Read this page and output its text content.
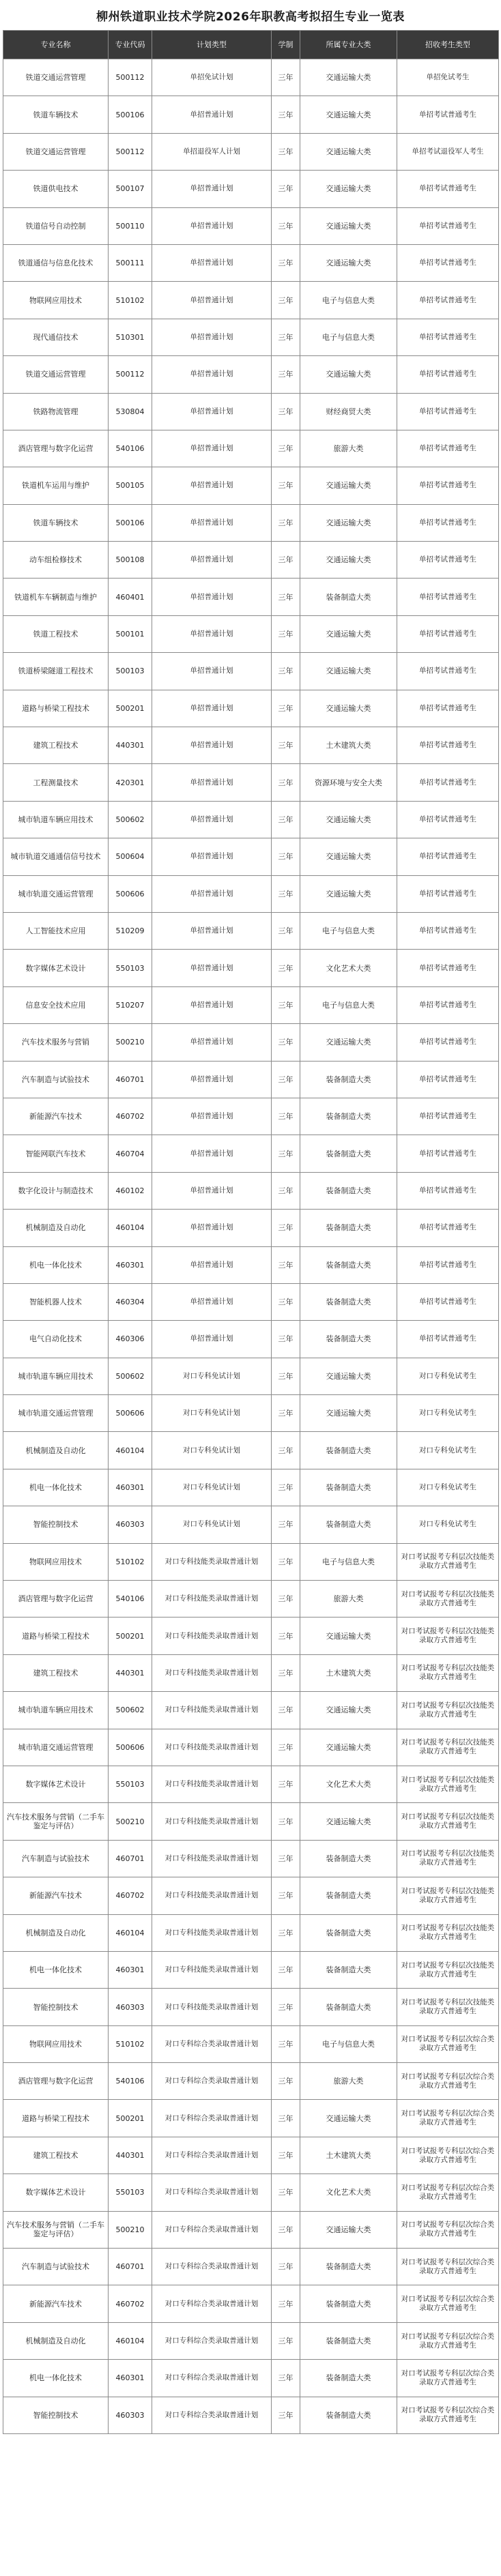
柳州铁道职业技术学院2026年职教高考拟招生专业一览表
专业名称	专业代码	计划类型	学制	所属专业大类	招收考生类型
铁道交通运营管理	500112	单招免试计划	三年	交通运输大类	单招免试考生
铁道车辆技术	500106	单招普通计划	三年	交通运输大类	单招考试普通考生
铁道交通运营管理	500112	单招退役军人计划	三年	交通运输大类	单招考试退役军人考生
铁道供电技术	500107	单招普通计划	三年	交通运输大类	单招考试普通考生
铁道信号自动控制	500110	单招普通计划	三年	交通运输大类	单招考试普通考生
铁道通信与信息化技术	500111	单招普通计划	三年	交通运输大类	单招考试普通考生
物联网应用技术	510102	单招普通计划	三年	电子与信息大类	单招考试普通考生
现代通信技术	510301	单招普通计划	三年	电子与信息大类	单招考试普通考生
铁道交通运营管理	500112	单招普通计划	三年	交通运输大类	单招考试普通考生
铁路物流管理	530804	单招普通计划	三年	财经商贸大类	单招考试普通考生
酒店管理与数字化运营	540106	单招普通计划	三年	旅游大类	单招考试普通考生
铁道机车运用与维护	500105	单招普通计划	三年	交通运输大类	单招考试普通考生
铁道车辆技术	500106	单招普通计划	三年	交通运输大类	单招考试普通考生
动车组检修技术	500108	单招普通计划	三年	交通运输大类	单招考试普通考生
铁道机车车辆制造与维护	460401	单招普通计划	三年	装备制造大类	单招考试普通考生
铁道工程技术	500101	单招普通计划	三年	交通运输大类	单招考试普通考生
铁道桥梁隧道工程技术	500103	单招普通计划	三年	交通运输大类	单招考试普通考生
道路与桥梁工程技术	500201	单招普通计划	三年	交通运输大类	单招考试普通考生
建筑工程技术	440301	单招普通计划	三年	土木建筑大类	单招考试普通考生
工程测量技术	420301	单招普通计划	三年	资源环境与安全大类	单招考试普通考生
城市轨道车辆应用技术	500602	单招普通计划	三年	交通运输大类	单招考试普通考生
城市轨道交通通信信号技术	500604	单招普通计划	三年	交通运输大类	单招考试普通考生
城市轨道交通运营管理	500606	单招普通计划	三年	交通运输大类	单招考试普通考生
人工智能技术应用	510209	单招普通计划	三年	电子与信息大类	单招考试普通考生
数字媒体艺术设计	550103	单招普通计划	三年	文化艺术大类	单招考试普通考生
信息安全技术应用	510207	单招普通计划	三年	电子与信息大类	单招考试普通考生
汽车技术服务与营销	500210	单招普通计划	三年	交通运输大类	单招考试普通考生
汽车制造与试验技术	460701	单招普通计划	三年	装备制造大类	单招考试普通考生
新能源汽车技术	460702	单招普通计划	三年	装备制造大类	单招考试普通考生
智能网联汽车技术	460704	单招普通计划	三年	装备制造大类	单招考试普通考生
数字化设计与制造技术	460102	单招普通计划	三年	装备制造大类	单招考试普通考生
机械制造及自动化	460104	单招普通计划	三年	装备制造大类	单招考试普通考生
机电一体化技术	460301	单招普通计划	三年	装备制造大类	单招考试普通考生
智能机器人技术	460304	单招普通计划	三年	装备制造大类	单招考试普通考生
电气自动化技术	460306	单招普通计划	三年	装备制造大类	单招考试普通考生
城市轨道车辆应用技术	500602	对口专科免试计划	三年	交通运输大类	对口专科免试考生
城市轨道交通运营管理	500606	对口专科免试计划	三年	交通运输大类	对口专科免试考生
机械制造及自动化	460104	对口专科免试计划	三年	装备制造大类	对口专科免试考生
机电一体化技术	460301	对口专科免试计划	三年	装备制造大类	对口专科免试考生
智能控制技术	460303	对口专科免试计划	三年	装备制造大类	对口专科免试考生
物联网应用技术	510102	对口专科技能类录取普通计划	三年	电子与信息大类	对口考试报考专科层次技能类录取方式普通考生
酒店管理与数字化运营	540106	对口专科技能类录取普通计划	三年	旅游大类	对口考试报考专科层次技能类录取方式普通考生
道路与桥梁工程技术	500201	对口专科技能类录取普通计划	三年	交通运输大类	对口考试报考专科层次技能类录取方式普通考生
建筑工程技术	440301	对口专科技能类录取普通计划	三年	土木建筑大类	对口考试报考专科层次技能类录取方式普通考生
城市轨道车辆应用技术	500602	对口专科技能类录取普通计划	三年	交通运输大类	对口考试报考专科层次技能类录取方式普通考生
城市轨道交通运营管理	500606	对口专科技能类录取普通计划	三年	交通运输大类	对口考试报考专科层次技能类录取方式普通考生
数字媒体艺术设计	550103	对口专科技能类录取普通计划	三年	文化艺术大类	对口考试报考专科层次技能类录取方式普通考生
汽车技术服务与营销（二手车鉴定与评估）	500210	对口专科技能类录取普通计划	三年	交通运输大类	对口考试报考专科层次技能类录取方式普通考生
汽车制造与试验技术	460701	对口专科技能类录取普通计划	三年	装备制造大类	对口考试报考专科层次技能类录取方式普通考生
新能源汽车技术	460702	对口专科技能类录取普通计划	三年	装备制造大类	对口考试报考专科层次技能类录取方式普通考生
机械制造及自动化	460104	对口专科技能类录取普通计划	三年	装备制造大类	对口考试报考专科层次技能类录取方式普通考生
机电一体化技术	460301	对口专科技能类录取普通计划	三年	装备制造大类	对口考试报考专科层次技能类录取方式普通考生
智能控制技术	460303	对口专科技能类录取普通计划	三年	装备制造大类	对口考试报考专科层次技能类录取方式普通考生
物联网应用技术	510102	对口专科综合类录取普通计划	三年	电子与信息大类	对口考试报考专科层次综合类录取方式普通考生
酒店管理与数字化运营	540106	对口专科综合类录取普通计划	三年	旅游大类	对口考试报考专科层次综合类录取方式普通考生
道路与桥梁工程技术	500201	对口专科综合类录取普通计划	三年	交通运输大类	对口考试报考专科层次综合类录取方式普通考生
建筑工程技术	440301	对口专科综合类录取普通计划	三年	土木建筑大类	对口考试报考专科层次综合类录取方式普通考生
数字媒体艺术设计	550103	对口专科综合类录取普通计划	三年	文化艺术大类	对口考试报考专科层次综合类录取方式普通考生
汽车技术服务与营销（二手车鉴定与评估）	500210	对口专科综合类录取普通计划	三年	交通运输大类	对口考试报考专科层次综合类录取方式普通考生
汽车制造与试验技术	460701	对口专科综合类录取普通计划	三年	装备制造大类	对口考试报考专科层次综合类录取方式普通考生
新能源汽车技术	460702	对口专科综合类录取普通计划	三年	装备制造大类	对口考试报考专科层次综合类录取方式普通考生
机械制造及自动化	460104	对口专科综合类录取普通计划	三年	装备制造大类	对口考试报考专科层次综合类录取方式普通考生
机电一体化技术	460301	对口专科综合类录取普通计划	三年	装备制造大类	对口考试报考专科层次综合类录取方式普通考生
智能控制技术	460303	对口专科综合类录取普通计划	三年	装备制造大类	对口考试报考专科层次综合类录取方式普通考生
